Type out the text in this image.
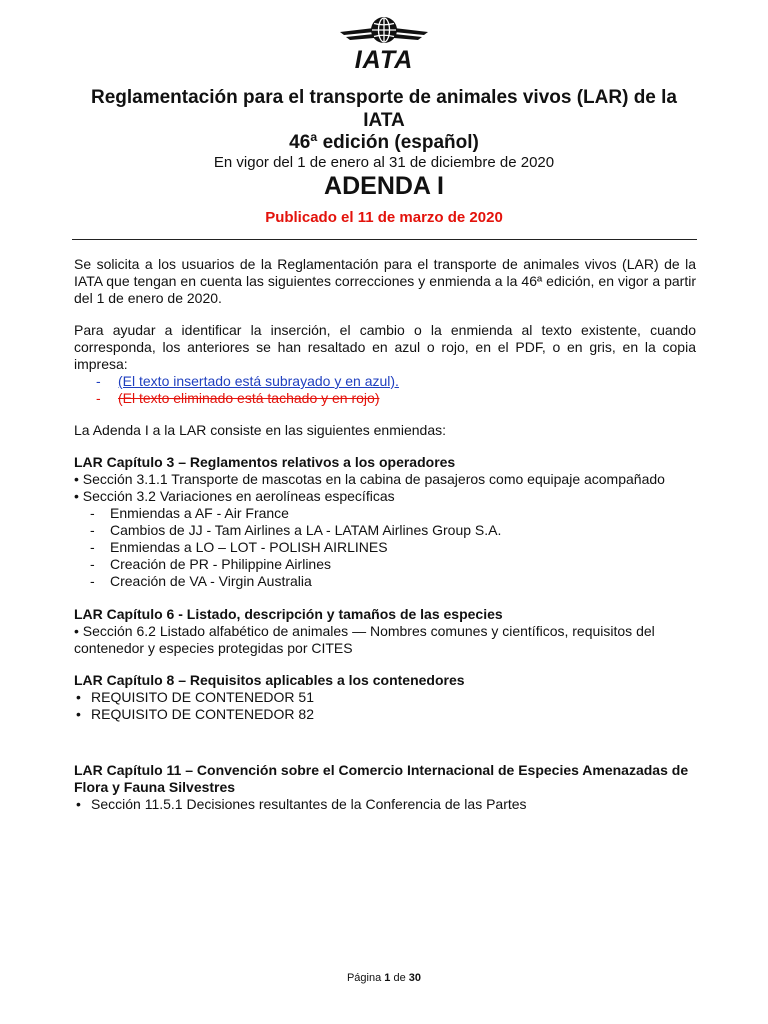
IATA
Reglamentación para el transporte de animales vivos (LAR) de la IATA
46ª edición (español)
En vigor del 1 de enero al 31 de diciembre de 2020
ADENDA I
Publicado el 11 de marzo de 2020
Se solicita a los usuarios de la Reglamentación para el transporte de animales vivos (LAR) de la IATA que tengan en cuenta las siguientes correcciones y enmienda a la 46ª edición, en vigor a partir del 1 de enero de 2020.
Para ayudar a identificar la inserción, el cambio o la enmienda al texto existente, cuando corresponda, los anteriores se han resaltado en azul o rojo, en el PDF, o en gris, en la copia impresa:
-	(El texto insertado está subrayado y en azul).
-	(El texto eliminado está tachado y en rojo)
La Adenda I a la LAR consiste en las siguientes enmiendas:
LAR Capítulo 3 – Reglamentos relativos a los operadores
• Sección 3.1.1 Transporte de mascotas en la cabina de pasajeros como equipaje acompañado
• Sección 3.2 Variaciones en aerolíneas específicas
-	Enmiendas a AF - Air France
-	Cambios de JJ - Tam Airlines a LA - LATAM Airlines Group S.A.
-	Enmiendas a LO – LOT - POLISH AIRLINES
-	Creación de PR - Philippine Airlines
-	Creación de VA - Virgin Australia
LAR Capítulo 6 - Listado, descripción y tamaños de las especies
• Sección 6.2 Listado alfabético de animales — Nombres comunes y científicos, requisitos del contenedor y especies protegidas por CITES
LAR Capítulo 8 – Requisitos aplicables a los contenedores
• REQUISITO DE CONTENEDOR 51
• REQUISITO DE CONTENEDOR 82
LAR Capítulo 11 – Convención sobre el Comercio Internacional de Especies Amenazadas de Flora y Fauna Silvestres
• Sección 11.5.1 Decisiones resultantes de la Conferencia de las Partes
Página 1 de 30
